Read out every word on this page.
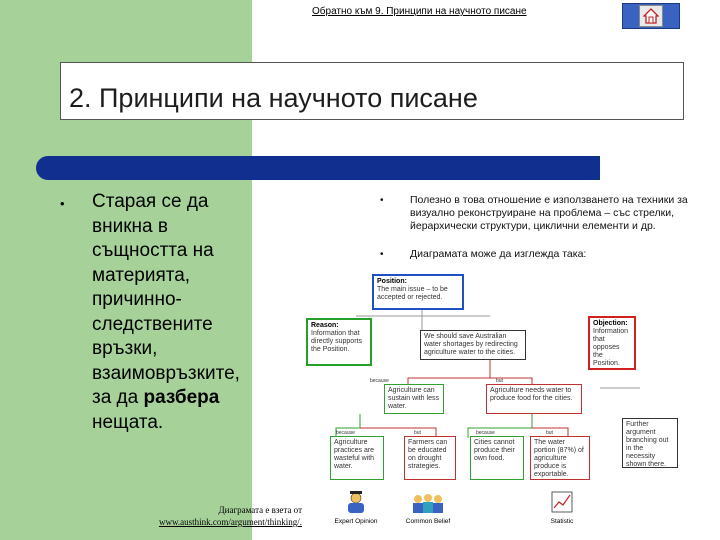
Обратно към 9. Принципи на научното писане
2. Принципи на научното писане
• Старая се да вникна в същността на материята, причинно-следствените връзки, взаимовръзките, за да разбера нещата.
Диаграмата е взета от
www.austhink.com/argument/thinking/.
•	Полезно в това отношение е използването на техники за визуално реконструиране на проблема – със стрелки, йерархически структури, циклични елементи и др.
•	Диаграмата може да изглежда така:
Position:
The main issue – to be accepted or rejected.
Reason:
Information that directly supports the Position.
Objection:
Information that opposes the Position.
We should save Australian water shortages by redirecting agriculture water to the cities.
Agriculture can sustain with less water.
Agriculture needs water to produce food for the cities.
Agriculture practices are wasteful with water.
Farmers can be educated on drought strategies.
Cities cannot produce their own food.
The water portion (87%) of agriculture produce is exportable.
Further argument branching out in the necessity shown there.
because	but
because	but	because	but
Expert Opinion	Common Belief	Statistic
